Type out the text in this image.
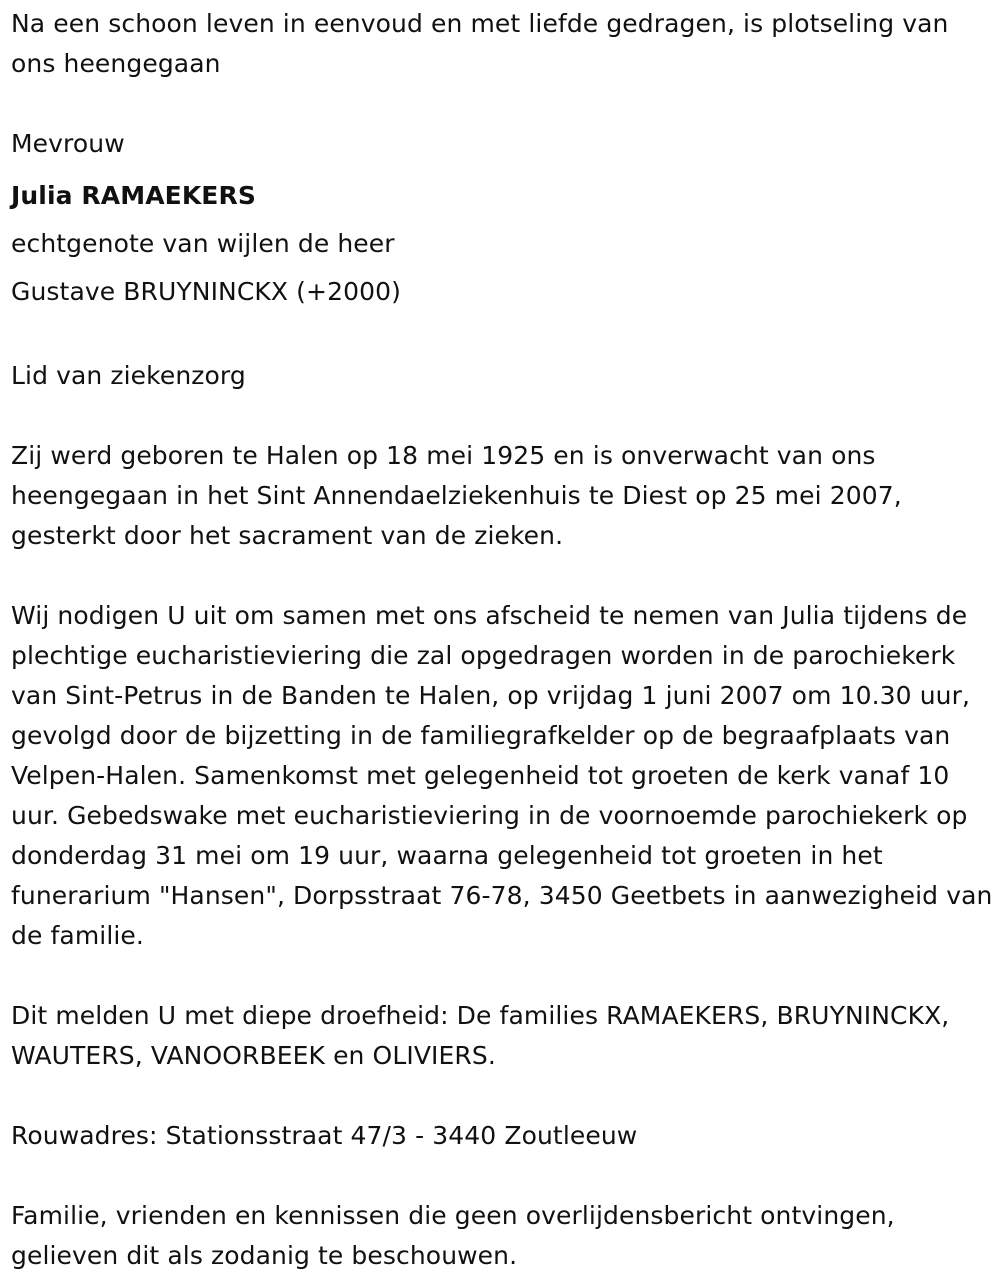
Na een schoon leven in eenvoud en met liefde gedragen, is plotseling van ons heengegaan

Mevrouw
Julia RAMAEKERS
echtgenote van wijlen de heer
Gustave BRUYNINCKX (+2000)

Lid van ziekenzorg

Zij werd geboren te Halen op 18 mei 1925 en is onverwacht van ons heengegaan in het Sint Annendaelziekenhuis te Diest op 25 mei 2007, gesterkt door het sacrament van de zieken.

Wij nodigen U uit om samen met ons afscheid te nemen van Julia tijdens de plechtige eucharistieviering die zal opgedragen worden in de parochiekerk van Sint-Petrus in de Banden te Halen, op vrijdag 1 juni 2007 om 10.30 uur, gevolgd door de bijzetting in de familiegrafkelder op de begraafplaats van Velpen-Halen. Samenkomst met gelegenheid tot groeten de kerk vanaf 10 uur. Gebedswake met eucharistieviering in de voornoemde parochiekerk op donderdag 31 mei om 19 uur, waarna gelegenheid tot groeten in het funerarium "Hansen", Dorpsstraat 76-78, 3450 Geetbets in aanwezigheid van de familie.

Dit melden U met diepe droefheid: De families RAMAEKERS, BRUYNINCKX, WAUTERS, VANOORBEEK en OLIVIERS.

Rouwadres: Stationsstraat 47/3 - 3440 Zoutleeuw

Familie, vrienden en kennissen die geen overlijdensbericht ontvingen, gelieven dit als zodanig te beschouwen.
